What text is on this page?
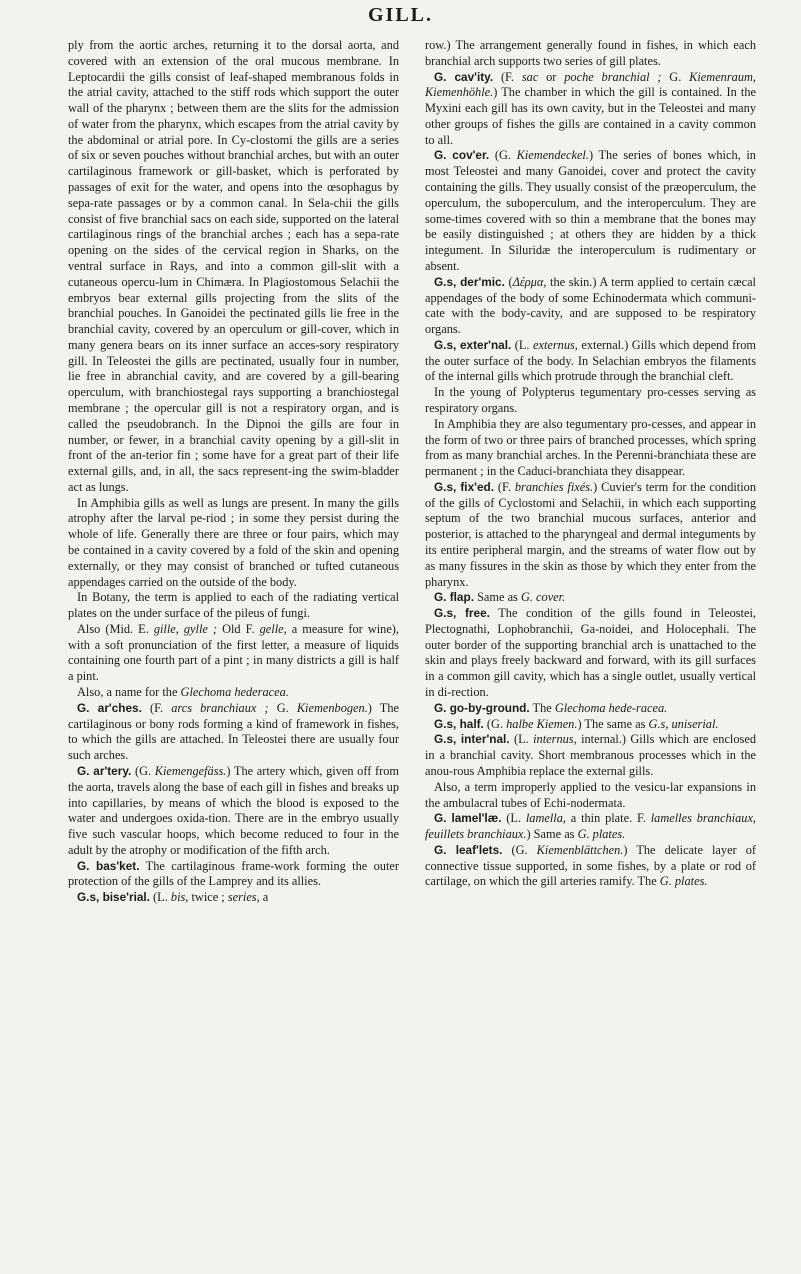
GILL.

ply from the aortic arches, returning it to the dorsal aorta, and covered with an extension of the oral mucous membrane. In Leptocardii the gills consist of leaf-shaped membranous folds in the atrial cavity, attached to the stiff rods which support the outer wall of the pharynx ; between them are the slits for the admission of water from the pharynx, which escapes from the atrial cavity by the abdominal or atrial pore. In Cy-clostomi the gills are a series of six or seven pouches without branchial arches, but with an outer cartilaginous framework or gill-basket, which is perforated by passages of exit for the water, and opens into the œsophagus by sepa-rate passages or by a common canal. In Sela-chii the gills consist of five branchial sacs on each side, supported on the lateral cartilaginous rings of the branchial arches ; each has a sepa-rate opening on the sides of the cervical region in Sharks, on the ventral surface in Rays, and into a common gill-slit with a cutaneous opercu-lum in Chimæra. In Plagiostomous Selachii the embryos bear external gills projecting from the slits of the branchial pouches. In Ganoidei the pectinated gills lie free in the branchial cavity, covered by an operculum or gill-cover, which in many genera bears on its inner surface an acces-sory respiratory gill. In Teleostei the gills are pectinated, usually four in number, lie free in abranchial cavity, and are covered by a gill-bearing operculum, with branchiostegal rays supporting a branchiostegal membrane ; the opercular gill is not a respiratory organ, and is called the pseudobranch. In the Dipnoi the gills are four in number, or fewer, in a branchial cavity opening by a gill-slit in front of the an-terior fin ; some have for a great part of their life external gills, and, in all, the sacs represent-ing the swim-bladder act as lungs.

In Amphibia gills as well as lungs are present. In many the gills atrophy after the larval pe-riod ; in some they persist during the whole of life. Generally there are three or four pairs, which may be contained in a cavity covered by a fold of the skin and opening externally, or they may consist of branched or tufted cutaneous appendages carried on the outside of the body.

In Botany, the term is applied to each of the radiating vertical plates on the under surface of the pileus of fungi.

Also (Mid. E. gille, gylle ; Old F. gelle, a measure for wine), with a soft pronunciation of the first letter, a measure of liquids containing one fourth part of a pint ; in many districts a gill is half a pint.

Also, a name for the Glechoma hederacea.

G. ar'ches. (F. arcs branchiaux ; G. Kiemenbogen.) The cartilaginous or bony rods forming a kind of framework in fishes, to which the gills are attached. In Teleostei there are usually four such arches.

G. ar'tery. (G. Kiemengefäss.) The artery which, given off from the aorta, travels along the base of each gill in fishes and breaks up into capillaries, by means of which the blood is exposed to the water and undergoes oxida-tion. There are in the embryo usually five such vascular hoops, which become reduced to four in the adult by the atrophy or modification of the fifth arch.

G. bas'ket. The cartilaginous frame-work forming the outer protection of the gills of the Lamprey and its allies.

G.s, bise'rial. (L. bis, twice ; series, a

row.) The arrangement generally found in fishes, in which each branchial arch supports two series of gill plates.

G. cav'ity. (F. sac or poche branchial ; G. Kiemenraum, Kiemenhöhle.) The chamber in which the gill is contained. In the Myxini each gill has its own cavity, but in the Teleostei and many other groups of fishes the gills are contained in a cavity common to all.

G. cov'er. (G. Kiemendeckel.) The series of bones which, in most Teleostei and many Ganoidei, cover and protect the cavity containing the gills. They usually consist of the præoperculum, the operculum, the suboperculum, and the interoperculum. They are some-times covered with so thin a membrane that the bones may be easily distinguished ; at others they are hidden by a thick integument. In Siluridæ the interoperculum is rudimentary or absent.

G.s, der'mic. (Δέρμα, the skin.) A term applied to certain cæcal appendages of the body of some Echinodermata which communi-cate with the body-cavity, and are supposed to be respiratory organs.

G.s, exter'nal. (L. externus, external.) Gills which depend from the outer surface of the body. In Selachian embryos the filaments of the internal gills which protrude through the branchial cleft.

In the young of Polypterus tegumentary pro-cesses serving as respiratory organs.

In Amphibia they are also tegumentary pro-cesses, and appear in the form of two or three pairs of branched processes, which spring from as many branchial arches. In the Perenni-branchiata these are permanent ; in the Caduci-branchiata they disappear.

G.s, fix'ed. (F. branchies fixés.) Cuvier's term for the condition of the gills of Cyclostomi and Selachii, in which each supporting septum of the two branchial mucous surfaces, anterior and posterior, is attached to the pharyngeal and dermal integuments by its entire peripheral margin, and the streams of water flow out by as many fissures in the skin as those by which they enter from the pharynx.

G. flap. Same as G. cover.

G.s, free. The condition of the gills found in Teleostei, Plectognathi, Lophobranchii, Ga-noidei, and Holocephali. The outer border of the supporting branchial arch is unattached to the skin and plays freely backward and forward, with its gill surfaces in a common gill cavity, which has a single outlet, usually vertical in di-rection.

G. go-by-ground. The Glechoma hede-racea.

G.s, half. (G. halbe Kiemen.) The same as G.s, uniserial.

G.s, inter'nal. (L. internus, internal.) Gills which are enclosed in a branchial cavity. Short membranous processes which in the anou-rous Amphibia replace the external gills.

Also, a term improperly applied to the vesicu-lar expansions in the ambulacral tubes of Echi-nodermata.

G. lamel'læ. (L. lamella, a thin plate. F. lamelles branchiaux, feuillets branchiaux.) Same as G. plates.

G. leaf'lets. (G. Kiemenblättchen.) The delicate layer of connective tissue supported, in some fishes, by a plate or rod of cartilage, on which the gill arteries ramify. The G. plates.
